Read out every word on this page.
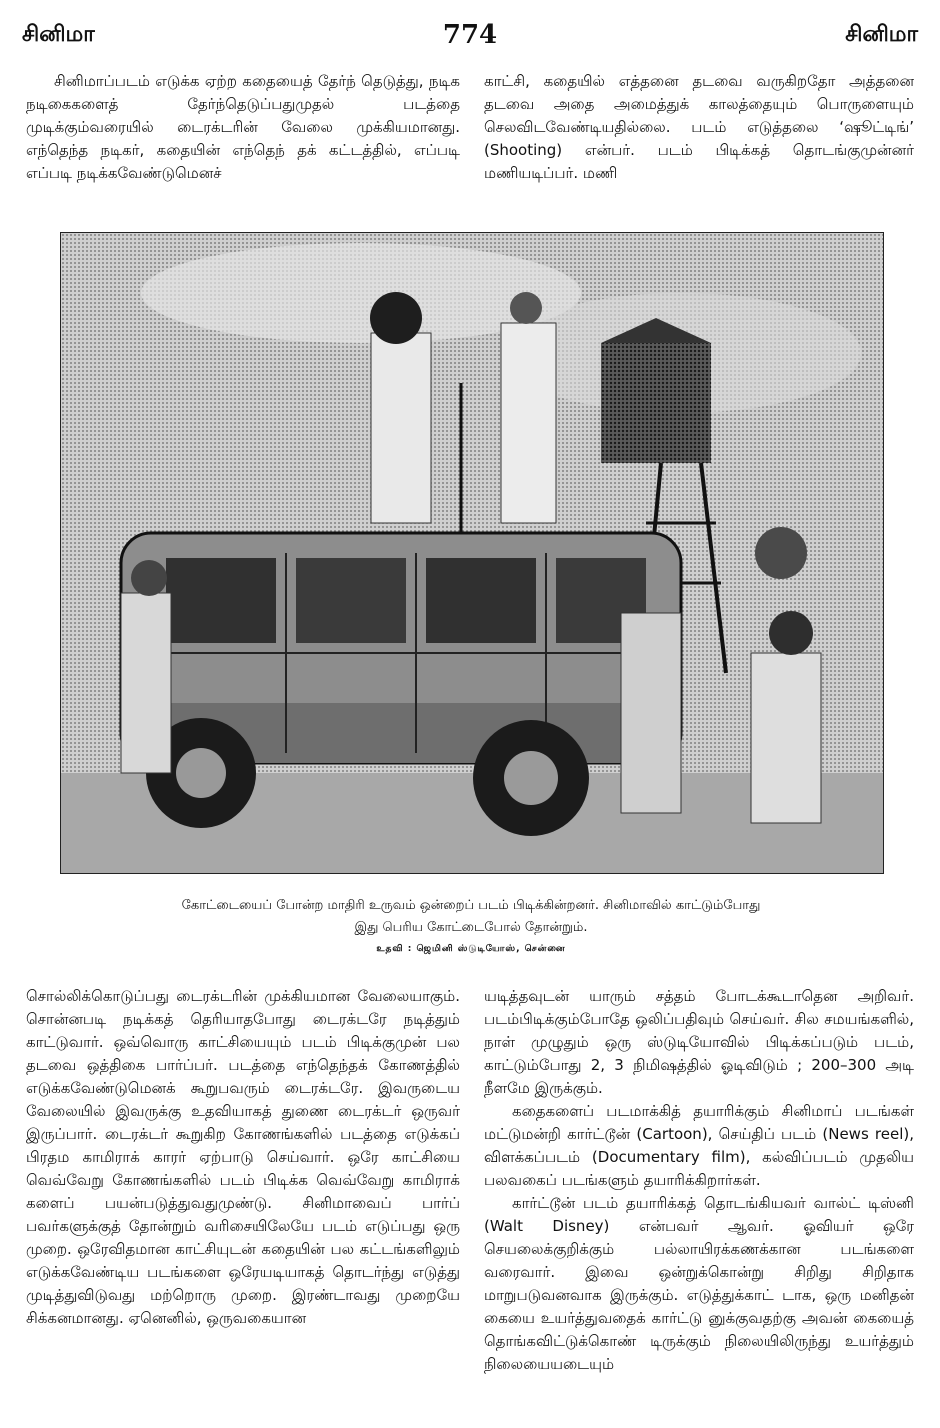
சினிமா	774	சினிமா

சினிமாப்படம் எடுக்க ஏற்ற கதையைத் தேர்ந் தெடுத்து, நடிக நடிகைகளைத் தேர்ந்தெடுப்பதுமுதல் படத்தை முடிக்கும்வரையில் டைரக்டரின் வேலை முக்கியமானது. எந்தெந்த நடிகர், கதையின் எந்தெந் தக் கட்டத்தில், எப்படி எப்படி நடிக்கவேண்டுமெனச்

காட்சி, கதையில் எத்தனை தடவை வருகிறதோ அத்தனை தடவை அதை அமைத்துக் காலத்தையும் பொருளையும் செலவிடவேண்டியதில்லை. படம் எடுத்தலை ‘ஷூட்டிங்’ (Shooting) என்பர். படம் பிடிக்கத் தொடங்குமுன்னர் மணியடிப்பர். மணி

கோட்டையைப் போன்ற மாதிரி உருவம் ஒன்றைப் படம் பிடிக்கின்றனர். சினிமாவில் காட்டும்போது
இது பெரிய கோட்டைபோல் தோன்றும்.
உதவி : ஜெமினி ஸ்டுடியோஸ், சென்னை

சொல்லிக்கொடுப்பது டைரக்டரின் முக்கியமான வேலையாகும். சொன்னபடி நடிக்கத் தெரியாதபோது டைரக்டரே நடித்தும் காட்டுவார். ஒவ்வொரு காட்சியையும் படம் பிடிக்குமுன் பல தடவை ஒத்திகை பார்ப்பர். படத்தை எந்தெந்தக் கோணத்தில் எடுக்கவேண்டுமெனக் கூறுபவரும் டைரக்டரே. இவருடைய வேலையில் இவருக்கு உதவியாகத் துணை டைரக்டர் ஒருவர் இருப்பார். டைரக்டர் கூறுகிற கோணங்களில் படத்தை எடுக்கப் பிரதம காமிராக் காரர் ஏற்பாடு செய்வார். ஒரே காட்சியை வெவ்வேறு கோணங்களில் படம் பிடிக்க வெவ்வேறு காமிராக் களைப் பயன்படுத்துவதுமுண்டு. சினிமாவைப் பார்ப் பவர்களுக்குத் தோன்றும் வரிசையிலேயே படம் எடுப்பது ஒரு முறை. ஒரேவிதமான காட்சியுடன் கதையின் பல கட்டங்களிலும் எடுக்கவேண்டிய படங்களை ஒரேயடியாகத் தொடர்ந்து எடுத்து முடித்துவிடுவது மற்றொரு முறை. இரண்டாவது முறையே சிக்கனமானது. ஏனெனில், ஒருவகையான

யடித்தவுடன் யாரும் சத்தம் போடக்கூடாதென அறிவர். படம்பிடிக்கும்போதே ஒலிப்பதிவும் செய்வர். சில சமயங்களில், நாள் முழுதும் ஒரு ஸ்டுடியோவில் பிடிக்கப்படும் படம், காட்டும்போது 2, 3 நிமிஷத்தில் ஓடிவிடும் ; 200–300 அடி நீளமே இருக்கும்.

கதைகளைப் படமாக்கித் தயாரிக்கும் சினிமாப் படங்கள் மட்டுமன்றி கார்ட்டூன் (Cartoon), செய்திப் படம் (News reel), விளக்கப்படம் (Documentary film), கல்விப்படம் முதலிய பலவகைப் படங்களும் தயாரிக்கிறார்கள்.

கார்ட்டூன் படம் தயாரிக்கத் தொடங்கியவர் வால்ட் டிஸ்னி (Walt Disney) என்பவர் ஆவர். ஓவியர் ஒரே செயலைக்குறிக்கும் பல்லாயிரக்கணக்கான படங்களை வரைவார். இவை ஒன்றுக்கொன்று சிறிது சிறிதாக மாறுபடுவனவாக இருக்கும். எடுத்துக்காட் டாக, ஒரு மனிதன் கையை உயர்த்துவதைக் கார்ட்டு னுக்குவதற்கு அவன் கையைத் தொங்கவிட்டுக்கொண் டிருக்கும் நிலையிலிருந்து உயர்த்தும் நிலையையடையும்
